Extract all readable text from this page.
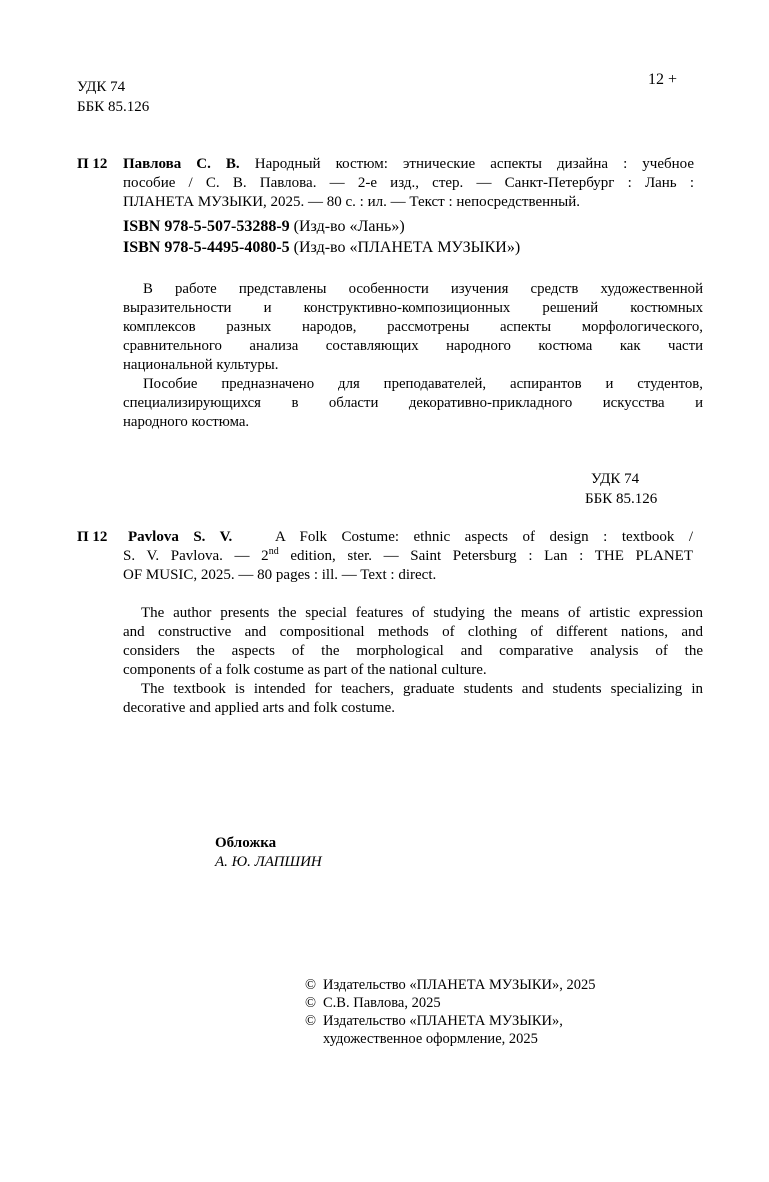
УДК 74
ББК 85.126
12 +
П 12 Павлова С. В. Народный костюм: этнические аспекты дизайна : учебное
пособие / С. В. Павлова. — 2-е изд., стер. — Санкт-Петербург : Лань :
ПЛАНЕТА МУЗЫКИ, 2025. — 80 с. : ил. — Текст : непосредственный.
ISBN 978-5-507-53288-9 (Изд-во «Лань»)
ISBN 978-5-4495-4080-5 (Изд-во «ПЛАНЕТА МУЗЫКИ»)
В работе представлены особенности изучения средств художественной
выразительности и конструктивно-композиционных решений костюмных
комплексов разных народов, рассмотрены аспекты морфологического,
сравнительного анализа составляющих народного костюма как части
национальной культуры.
Пособие предназначено для преподавателей, аспирантов и студентов,
специализирующихся в области декоративно-прикладного искусства и
народного костюма.
УДК 74
ББК 85.126
П 12 Pavlova S. V.	A Folk Costume: ethnic aspects of design : textbook /
S. V. Pavlova. — 2nd edition, ster. — Saint Petersburg : Lan : THE PLANET
OF MUSIC, 2025. — 80 pages : ill. — Text : direct.
The author presents the special features of studying the means of artistic expression
and constructive and compositional methods of clothing of different nations, and
considers the aspects of the morphological and comparative analysis of the
components of a folk costume as part of the national culture.
The textbook is intended for teachers, graduate students and students specializing in
decorative and applied arts and folk costume.
Обложка
А. Ю. ЛАПШИН
© Издательство «ПЛАНЕТА МУЗЫКИ», 2025
© С.В. Павлова, 2025
© Издательство «ПЛАНЕТА МУЗЫКИ»,
художественное оформление, 2025
